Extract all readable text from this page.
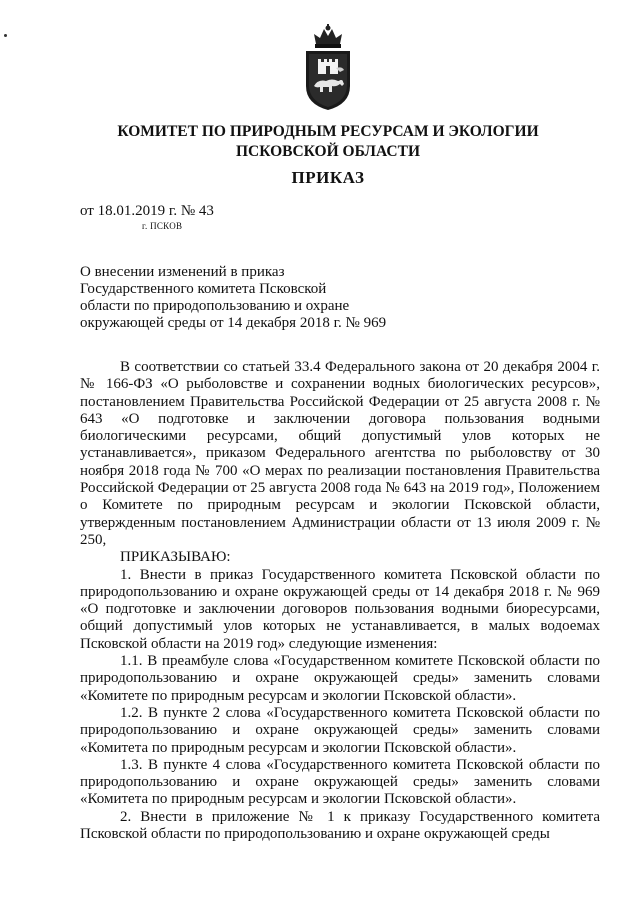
КОМИТЕТ ПО ПРИРОДНЫМ РЕСУРСАМ И ЭКОЛОГИИ
ПСКОВСКОЙ ОБЛАСТИ
ПРИКАЗ
от 18.01.2019 г. № 43
г. ПСКОВ
О внесении изменений в приказ
Государственного комитета Псковской
области по природопользованию и охране
окружающей среды от 14 декабря 2018 г. № 969

В соответствии со статьей 33.4 Федерального закона от 20 декабря 2004 г. № 166-ФЗ «О рыболовстве и сохранении водных биологических ресурсов», постановлением Правительства Российской Федерации от 25 августа 2008 г. № 643 «О подготовке и заключении договора пользования водными биологическими ресурсами, общий допустимый улов которых не устанавливается», приказом Федерального агентства по рыболовству от 30 ноября 2018 года № 700 «О мерах по реализации постановления Правительства Российской Федерации от 25 августа 2008 года № 643 на 2019 год», Положением о Комитете по природным ресурсам и экологии Псковской области, утвержденным постановлением Администрации области от 13 июля 2009 г. № 250,

ПРИКАЗЫВАЮ:

1. Внести в приказ Государственного комитета Псковской области по природопользованию и охране окружающей среды от 14 декабря 2018 г. № 969 «О подготовке и заключении договоров пользования водными биоресурсами, общий допустимый улов которых не устанавливается, в малых водоемах Псковской области на 2019 год» следующие изменения:

1.1. В преамбуле слова «Государственном комитете Псковской области по природопользованию и охране окружающей среды» заменить словами «Комитете по природным ресурсам и экологии Псковской области».

1.2. В пункте 2 слова «Государственного комитета Псковской области по природопользованию и охране окружающей среды» заменить словами «Комитета по природным ресурсам и экологии Псковской области».

1.3. В пункте 4 слова «Государственного комитета Псковской области по природопользованию и охране окружающей среды» заменить словами «Комитета по природным ресурсам и экологии Псковской области».

2. Внести в приложение № 1 к приказу Государственного комитета Псковской области по природопользованию и охране окружающей среды
